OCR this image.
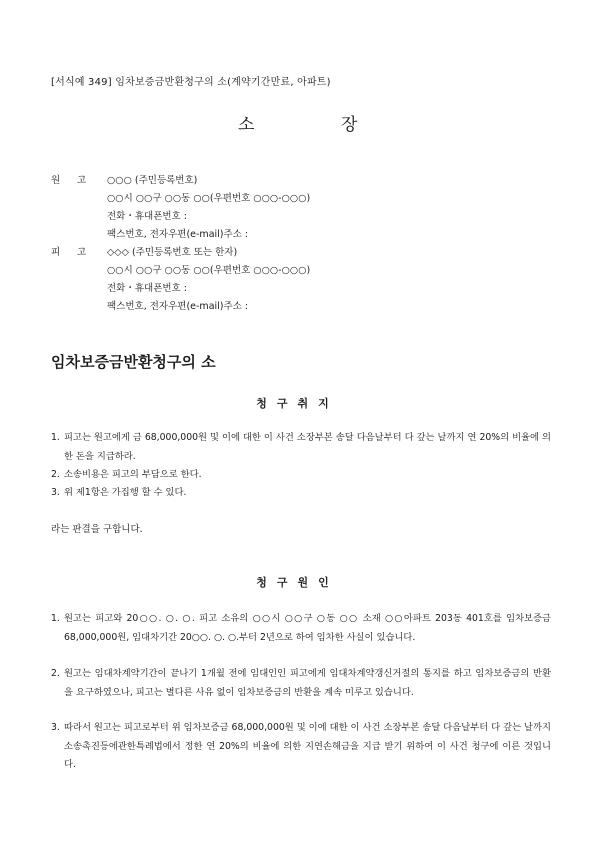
[서식예 349] 임차보증금반환청구의 소(계약기간만료, 아파트)
소	장
원 고 ○○○ (주민등록번호)
○○시 ○○구 ○○동 ○○(우편번호 ○○○-○○○)
전화・휴대폰번호 :
팩스번호, 전자우편(e-mail)주소 :
피 고 ◇◇◇ (주민등록번호 또는 한자)
○○시 ○○구 ○○동 ○○(우편번호 ○○○-○○○)
전화・휴대폰번호 :
팩스번호, 전자우편(e-mail)주소 :
임차보증금반환청구의 소
청구취지
1. 피고는 원고에게 금 68,000,000원 및 이에 대한 이 사건 소장부본 송달 다음날부터 다 갚는 날까지 연 20%의 비율에 의한 돈을 지급하라.
2. 소송비용은 피고의 부담으로 한다.
3. 위 제1항은 가집행 할 수 있다.
라는 판결을 구합니다.
청구원인
1. 원고는 피고와 20○○. ○. ○. 피고 소유의 ○○시 ○○구 ○동 ○○ 소재 ○○아파트 203동 401호를 임차보증금 68,000,000원, 임대차기간 20○○. ○. ○.부터 2년으로 하여 임차한 사실이 있습니다.
2. 원고는 임대차계약기간이 끝나기 1개월 전에 임대인인 피고에게 임대차계약갱신거절의 통지를 하고 임차보증금의 반환을 요구하였으나, 피고는 별다른 사유 없이 임차보증금의 반환을 계속 미루고 있습니다.
3. 따라서 원고는 피고로부터 위 임차보증금 68,000,000원 및 이에 대한 이 사건 소장부본 송달 다음날부터 다 갚는 날까지 소송촉진등에관한특례법에서 정한 연 20%의 비율에 의한 지연손해금을 지급 받기 위하여 이 사건 청구에 이른 것입니다.
